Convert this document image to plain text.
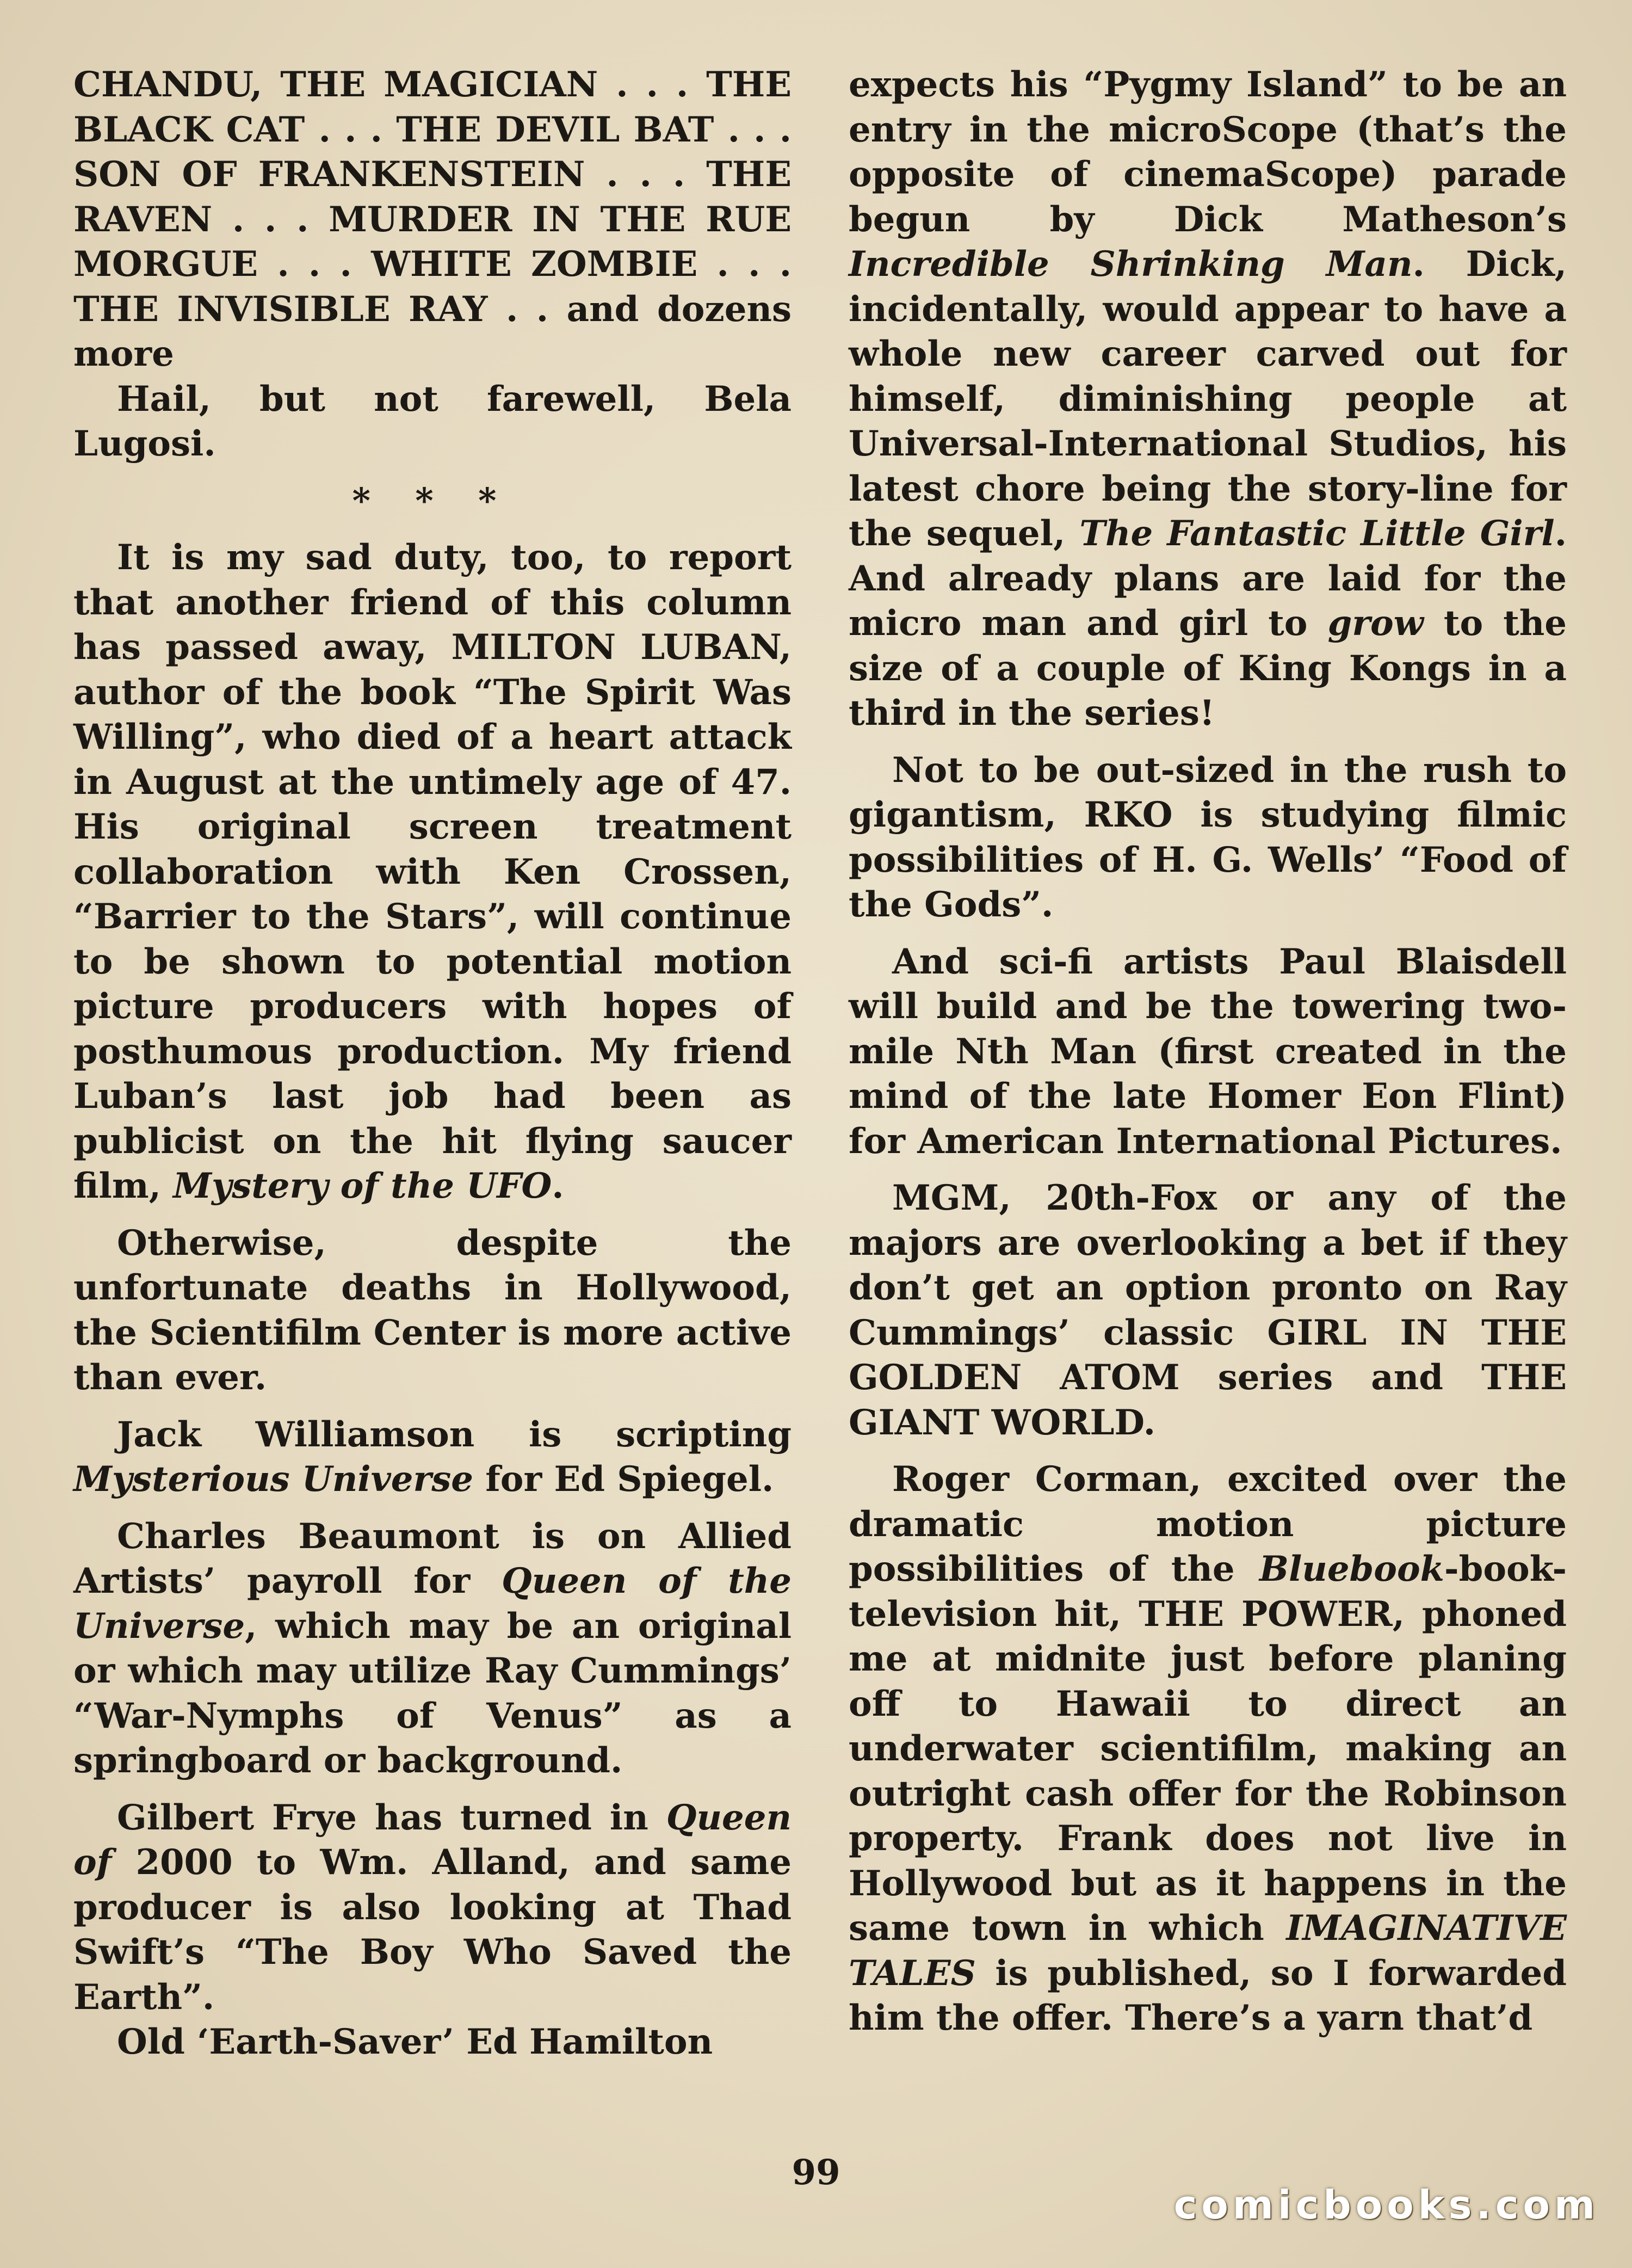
CHANDU, THE MAGICIAN . . . THE BLACK CAT . . . THE DEVIL BAT . . . SON OF FRANKENSTEIN . . . THE RAVEN . . . MURDER IN THE RUE MORGUE . . . WHITE ZOMBIE . . . THE INVISIBLE RAY . . and dozens more

Hail, but not farewell, Bela Lugosi.

* * *

It is my sad duty, too, to report that another friend of this column has passed away, MILTON LUBAN, author of the book “The Spirit Was Willing”, who died of a heart attack in August at the untimely age of 47. His original screen treatment collaboration with Ken Crossen, “Barrier to the Stars”, will continue to be shown to potential motion picture producers with hopes of posthumous production. My friend Luban’s last job had been as publicist on the hit flying saucer film, Mystery of the UFO.

Otherwise, despite the unfortunate deaths in Hollywood, the Scientifilm Center is more active than ever.

Jack Williamson is scripting Mysterious Universe for Ed Spiegel.

Charles Beaumont is on Allied Artists’ payroll for Queen of the Universe, which may be an original or which may utilize Ray Cummings’ “War-Nymphs of Venus” as a springboard or background.

Gilbert Frye has turned in Queen of 2000 to Wm. Alland, and same producer is also looking at Thad Swift’s “The Boy Who Saved the Earth”.

Old ‘Earth-Saver’ Ed Hamilton

expects his “Pygmy Island” to be an entry in the microScope (that’s the opposite of cinemaScope) parade begun by Dick Matheson’s Incredible Shrinking Man. Dick, incidentally, would appear to have a whole new career carved out for himself, diminishing people at Universal-International Studios, his latest chore being the story-line for the sequel, The Fantastic Little Girl. And already plans are laid for the micro man and girl to grow to the size of a couple of King Kongs in a third in the series!

Not to be out-sized in the rush to gigantism, RKO is studying filmic possibilities of H. G. Wells’ “Food of the Gods”.

And sci-fi artists Paul Blaisdell will build and be the towering two-mile Nth Man (first created in the mind of the late Homer Eon Flint) for American International Pictures.

MGM, 20th-Fox or any of the majors are overlooking a bet if they don’t get an option pronto on Ray Cummings’ classic GIRL IN THE GOLDEN ATOM series and THE GIANT WORLD.

Roger Corman, excited over the dramatic motion picture possibilities of the Bluebook-book-television hit, THE POWER, phoned me at midnite just before planing off to Hawaii to direct an underwater scientifilm, making an outright cash offer for the Robinson property. Frank does not live in Hollywood but as it happens in the same town in which IMAGINATIVE TALES is published, so I forwarded him the offer. There’s a yarn that’d

99
comicbooks.com
